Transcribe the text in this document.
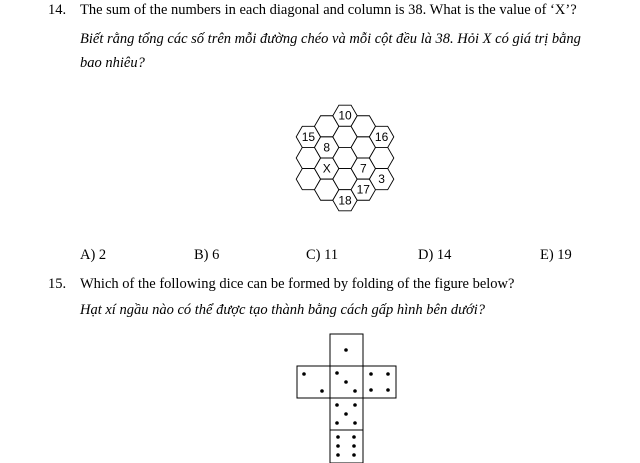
14. The sum of the numbers in each diagonal and column is 38. What is the value of ‘X’?
Biết rằng tổng các số trên mỗi đường chéo và mỗi cột đều là 38. Hỏi X có giá trị bằng
bao nhiêu?
15
8
X
10
18
7
17
16
3
A) 2	B) 6	C) 11	D) 14	E) 19
15. Which of the following dice can be formed by folding of the figure below?
Hạt xí ngầu nào có thể được tạo thành bằng cách gấp hình bên dưới?
